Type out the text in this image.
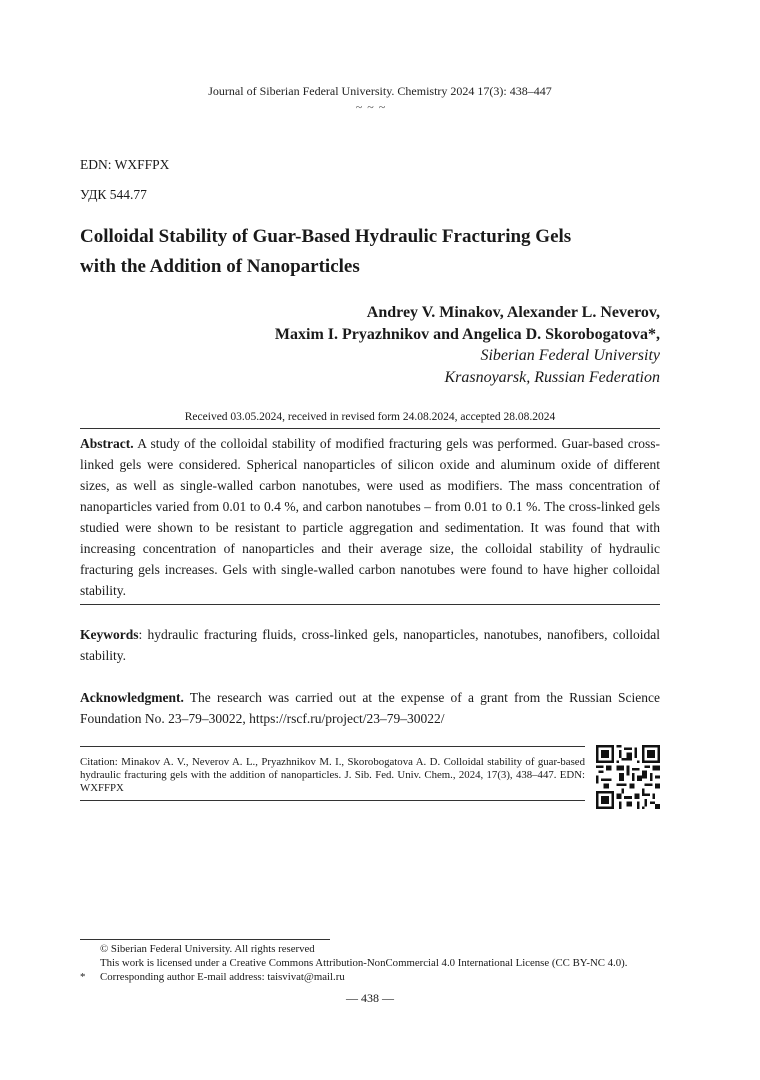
Journal of Siberian Federal University. Chemistry 2024 17(3): 438–447
~ ~ ~
EDN: WXFFPX
УДК 544.77
Colloidal Stability of Guar-Based Hydraulic Fracturing Gels
with the Addition of Nanoparticles
Andrey V. Minakov, Alexander L. Neverov,
Maxim I. Pryazhnikov and Angelica D. Skorobogatova*,
Siberian Federal University
Krasnoyarsk, Russian Federation
Received 03.05.2024, received in revised form 24.08.2024, accepted 28.08.2024
Abstract. A study of the colloidal stability of modified fracturing gels was performed. Guar-based cross-linked gels were considered. Spherical nanoparticles of silicon oxide and aluminum oxide of different sizes, as well as single-walled carbon nanotubes, were used as modifiers. The mass concentration of nanoparticles varied from 0.01 to 0.4 %, and carbon nanotubes – from 0.01 to 0.1 %. The cross-linked gels studied were shown to be resistant to particle aggregation and sedimentation. It was found that with increasing concentration of nanoparticles and their average size, the colloidal stability of hydraulic fracturing gels increases. Gels with single-walled carbon nanotubes were found to have higher colloidal stability.
Keywords: hydraulic fracturing fluids, cross-linked gels, nanoparticles, nanotubes, nanofibers, colloidal stability.
Acknowledgment. The research was carried out at the expense of a grant from the Russian Science Foundation No. 23–79–30022, https://rscf.ru/project/23–79–30022/
Citation: Minakov A. V., Neverov A. L., Pryazhnikov M. I., Skorobogatova A. D. Colloidal stability of guar-based hydraulic fracturing gels with the addition of nanoparticles. J. Sib. Fed. Univ. Chem., 2024, 17(3), 438–447. EDN: WXFFPX
© Siberian Federal University. All rights reserved
This work is licensed under a Creative Commons Attribution-NonCommercial 4.0 International License (CC BY-NC 4.0).
* Corresponding author E-mail address: taisvivat@mail.ru
— 438 —
